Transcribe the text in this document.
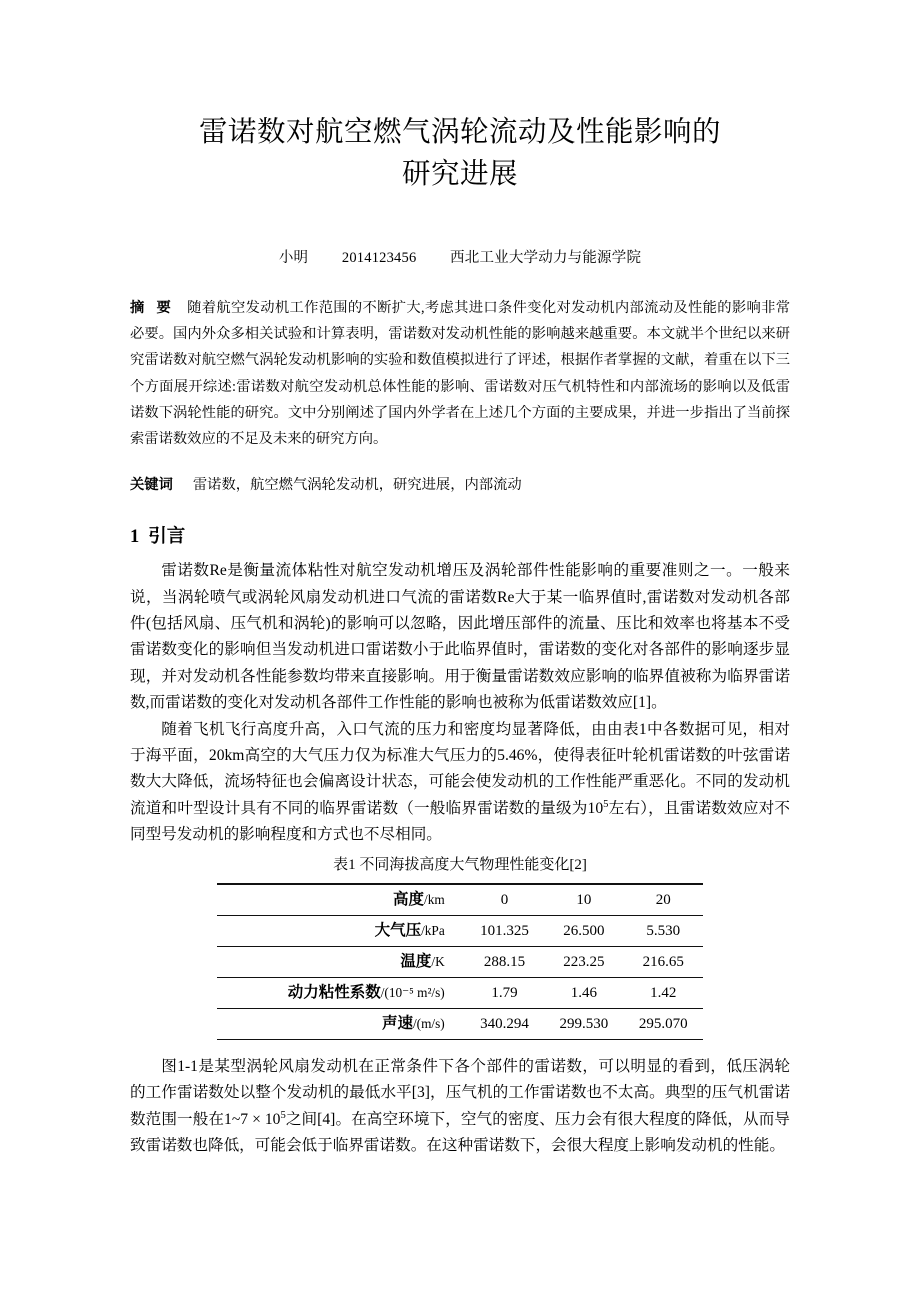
雷诺数对航空燃气涡轮流动及性能影响的
研究进展
小明 2014123456 西北工业大学动力与能源学院
摘 要 随着航空发动机工作范围的不断扩大,考虑其进口条件变化对发动机内部流动及性能的影响非常必要。国内外众多相关试验和计算表明，雷诺数对发动机性能的影响越来越重要。本文就半个世纪以来研究雷诺数对航空燃气涡轮发动机影响的实验和数值模拟进行了评述，根据作者掌握的文献，着重在以下三个方面展开综述:雷诺数对航空发动机总体性能的影响、雷诺数对压气机特性和内部流场的影响以及低雷诺数下涡轮性能的研究。文中分别阐述了国内外学者在上述几个方面的主要成果，并进一步指出了当前探索雷诺数效应的不足及未来的研究方向。
关键词 雷诺数，航空燃气涡轮发动机，研究进展，内部流动
1 引言

雷诺数Re是衡量流体粘性对航空发动机增压及涡轮部件性能影响的重要准则之一。一般来说，当涡轮喷气或涡轮风扇发动机进口气流的雷诺数Re大于某一临界值时,雷诺数对发动机各部件(包括风扇、压气机和涡轮)的影响可以忽略，因此增压部件的流量、压比和效率也将基本不受雷诺数变化的影响但当发动机进口雷诺数小于此临界值时，雷诺数的变化对各部件的影响逐步显现，并对发动机各性能参数均带来直接影响。用于衡量雷诺数效应影响的临界值被称为临界雷诺数,而雷诺数的变化对发动机各部件工作性能的影响也被称为低雷诺数效应[1]。

随着飞机飞行高度升高，入口气流的压力和密度均显著降低，由由表1中各数据可见，相对于海平面，20km高空的大气压力仅为标准大气压力的5.46%，使得表征叶轮机雷诺数的叶弦雷诺数大大降低，流场特征也会偏离设计状态，可能会使发动机的工作性能严重恶化。不同的发动机流道和叶型设计具有不同的临界雷诺数（一般临界雷诺数的量级为$10^5$左右），且雷诺数效应对不同型号发动机的影响程度和方式也不尽相同。

表1 不同海拔高度大气物理性能变化[2]
高度/km	0	10	20
大气压/kPa	101.325	26.500	5.530
温度/K	288.15	223.25	216.65
动力粘性系数/(10⁻⁵ m²/s)	1.79	1.46	1.42
声速/(m/s)	340.294	299.530	295.070

图1-1是某型涡轮风扇发动机在正常条件下各个部件的雷诺数，可以明显的看到，低压涡轮的工作雷诺数处以整个发动机的最低水平[3]，压气机的工作雷诺数也不太高。典型的压气机雷诺数范围一般在1~7 × $10^5$之间[4]。在高空环境下，空气的密度、压力会有很大程度的降低，从而导致雷诺数也降低，可能会低于临界雷诺数。在这种雷诺数下，会很大程度上影响发动机的性能。
